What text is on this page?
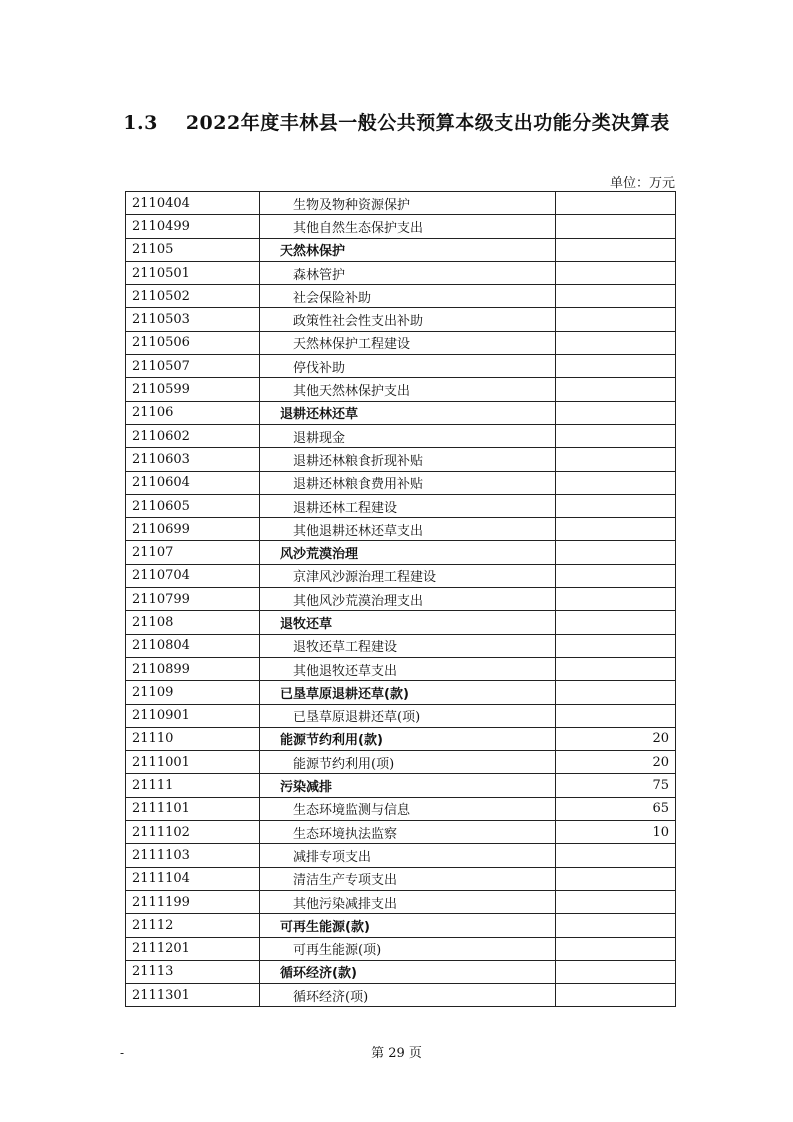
1.3 2022年度丰林县一般公共预算本级支出功能分类决算表
单位：万元
2110404	生物及物种资源保护	
2110499	其他自然生态保护支出	
21105	天然林保护	
2110501	森林管护	
2110502	社会保险补助	
2110503	政策性社会性支出补助	
2110506	天然林保护工程建设	
2110507	停伐补助	
2110599	其他天然林保护支出	
21106	退耕还林还草	
2110602	退耕现金	
2110603	退耕还林粮食折现补贴	
2110604	退耕还林粮食费用补贴	
2110605	退耕还林工程建设	
2110699	其他退耕还林还草支出	
21107	风沙荒漠治理	
2110704	京津风沙源治理工程建设	
2110799	其他风沙荒漠治理支出	
21108	退牧还草	
2110804	退牧还草工程建设	
2110899	其他退牧还草支出	
21109	已垦草原退耕还草(款)	
2110901	已垦草原退耕还草(项)	
21110	能源节约利用(款)	20
2111001	能源节约利用(项)	20
21111	污染减排	75
2111101	生态环境监测与信息	65
2111102	生态环境执法监察	10
2111103	减排专项支出	
2111104	清洁生产专项支出	
2111199	其他污染减排支出	
21112	可再生能源(款)	
2111201	可再生能源(项)	
21113	循环经济(款)	
2111301	循环经济(项)	
-	第 29 页
